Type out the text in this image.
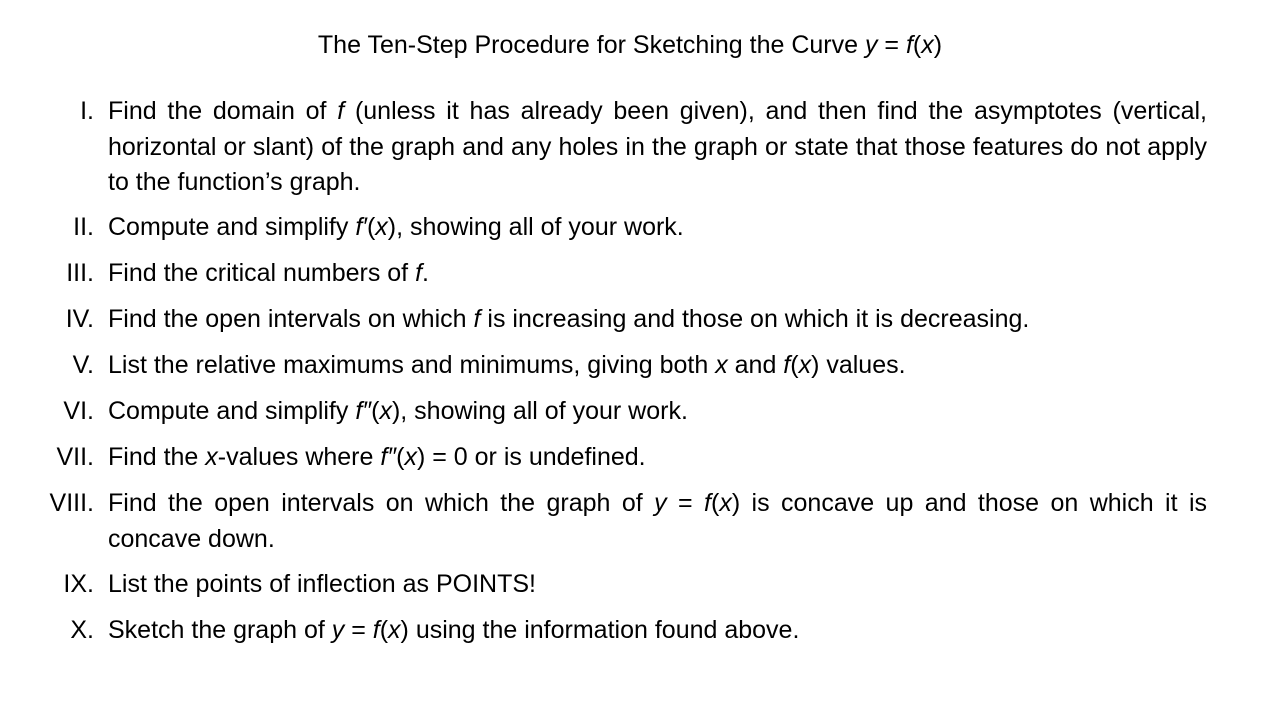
The Ten-Step Procedure for Sketching the Curve y = f(x)
I. Find the domain of f (unless it has already been given), and then find the asymptotes (vertical, horizontal or slant) of the graph and any holes in the graph or state that those features do not apply to the function’s graph.
II. Compute and simplify f′(x), showing all of your work.
III. Find the critical numbers of f.
IV. Find the open intervals on which f is increasing and those on which it is decreasing.
V. List the relative maximums and minimums, giving both x and f(x) values.
VI. Compute and simplify f″(x), showing all of your work.
VII. Find the x-values where f″(x) = 0 or is undefined.
VIII. Find the open intervals on which the graph of y = f(x) is concave up and those on which it is concave down.
IX. List the points of inflection as POINTS!
X. Sketch the graph of y = f(x) using the information found above.
